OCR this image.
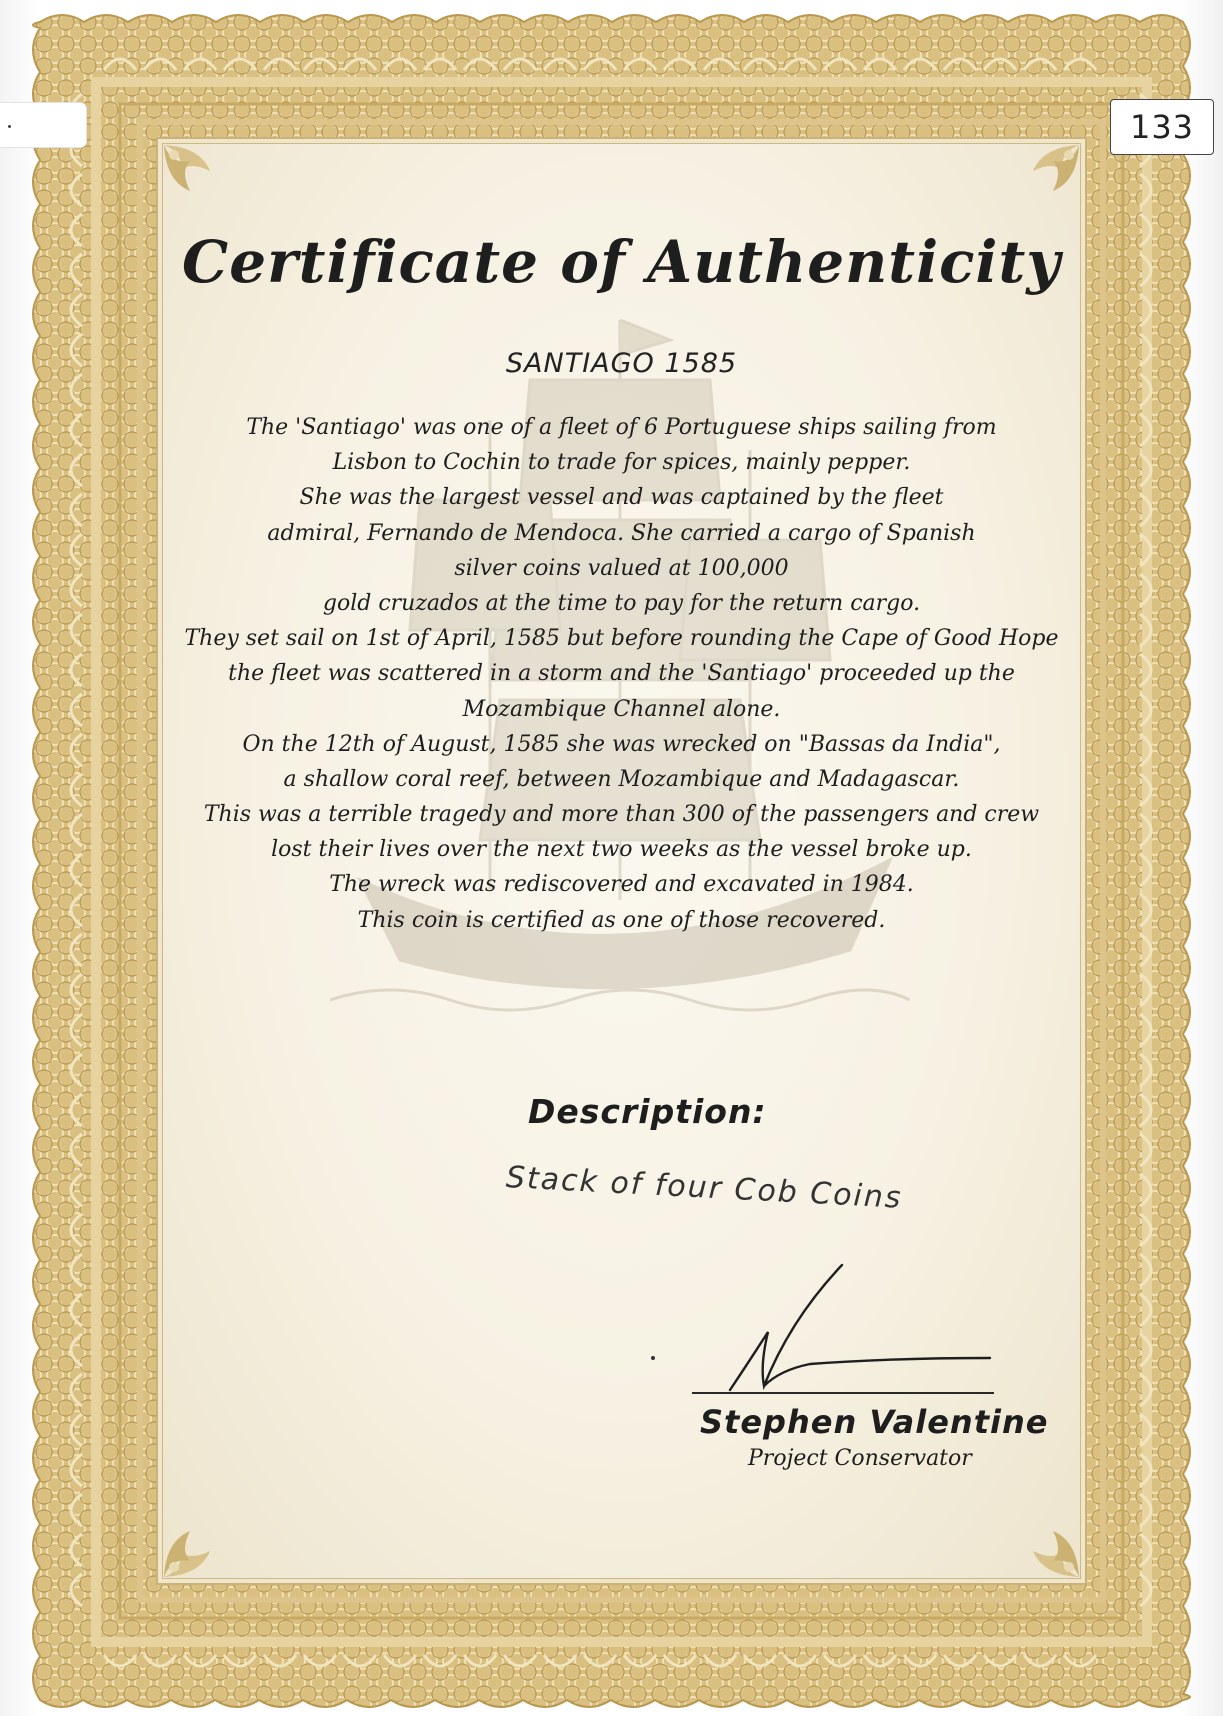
133
Certificate of Authenticity
SANTIAGO 1585
The 'Santiago' was one of a fleet of 6 Portuguese ships sailing from
Lisbon to Cochin to trade for spices, mainly pepper.
She was the largest vessel and was captained by the fleet
admiral, Fernando de Mendoca. She carried a cargo of Spanish
silver coins valued at 100,000
gold cruzados at the time to pay for the return cargo.
They set sail on 1st of April, 1585 but before rounding the Cape of Good Hope
the fleet was scattered in a storm and the 'Santiago' proceeded up the
Mozambique Channel alone.
On the 12th of August, 1585 she was wrecked on "Bassas da India",
a shallow coral reef, between Mozambique and Madagascar.
This was a terrible tragedy and more than 300 of the passengers and crew
lost their lives over the next two weeks as the vessel broke up.
The wreck was rediscovered and excavated in 1984.
This coin is certified as one of those recovered.
Description:
Stack of four Cob Coins
Stephen Valentine
Project Conservator
